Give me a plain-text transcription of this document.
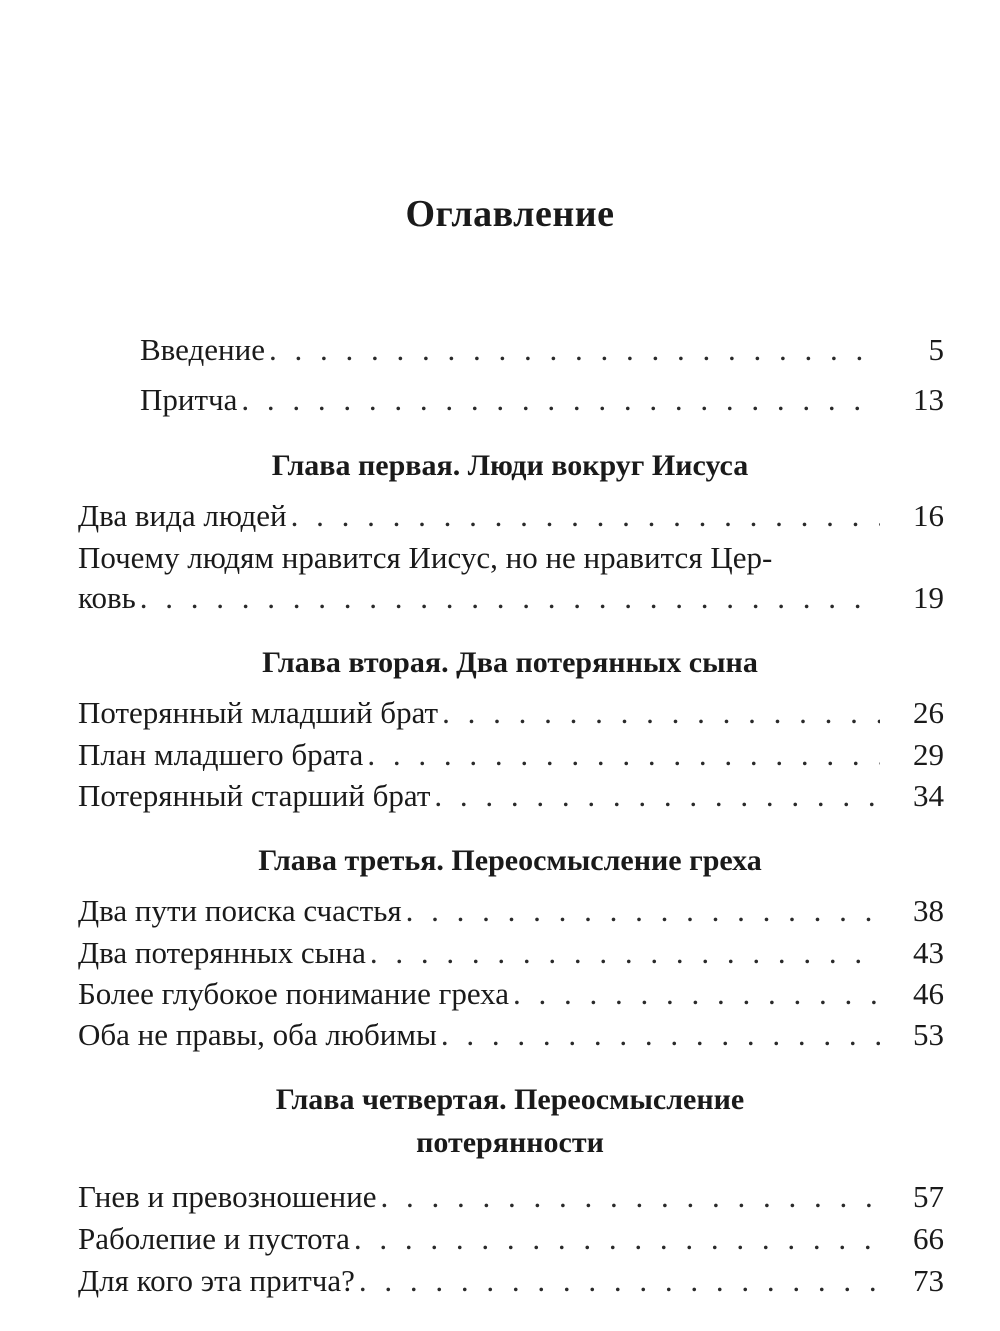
Оглавление
Введение . . .	5
Притча . . .	13
Глава первая. Люди вокруг Иисуса
Два вида людей . . .	16
Почему людям нравится Иисус, но не нравится Цер-
ковь . . .	19
Глава вторая. Два потерянных сына
Потерянный младший брат . . .	26
План младшего брата . . .	29
Потерянный старший брат . . .	34
Глава третья. Переосмысление греха
Два пути поиска счастья . . .	38
Два потерянных сына . . .	43
Более глубокое понимание греха . . .	46
Оба не правы, оба любимы . . .	53
Глава четвертая. Переосмысление
потерянности
Гнев и превозношение . . .	57
Раболепие и пустота . . .	66
Для кого эта притча? . . .	73
